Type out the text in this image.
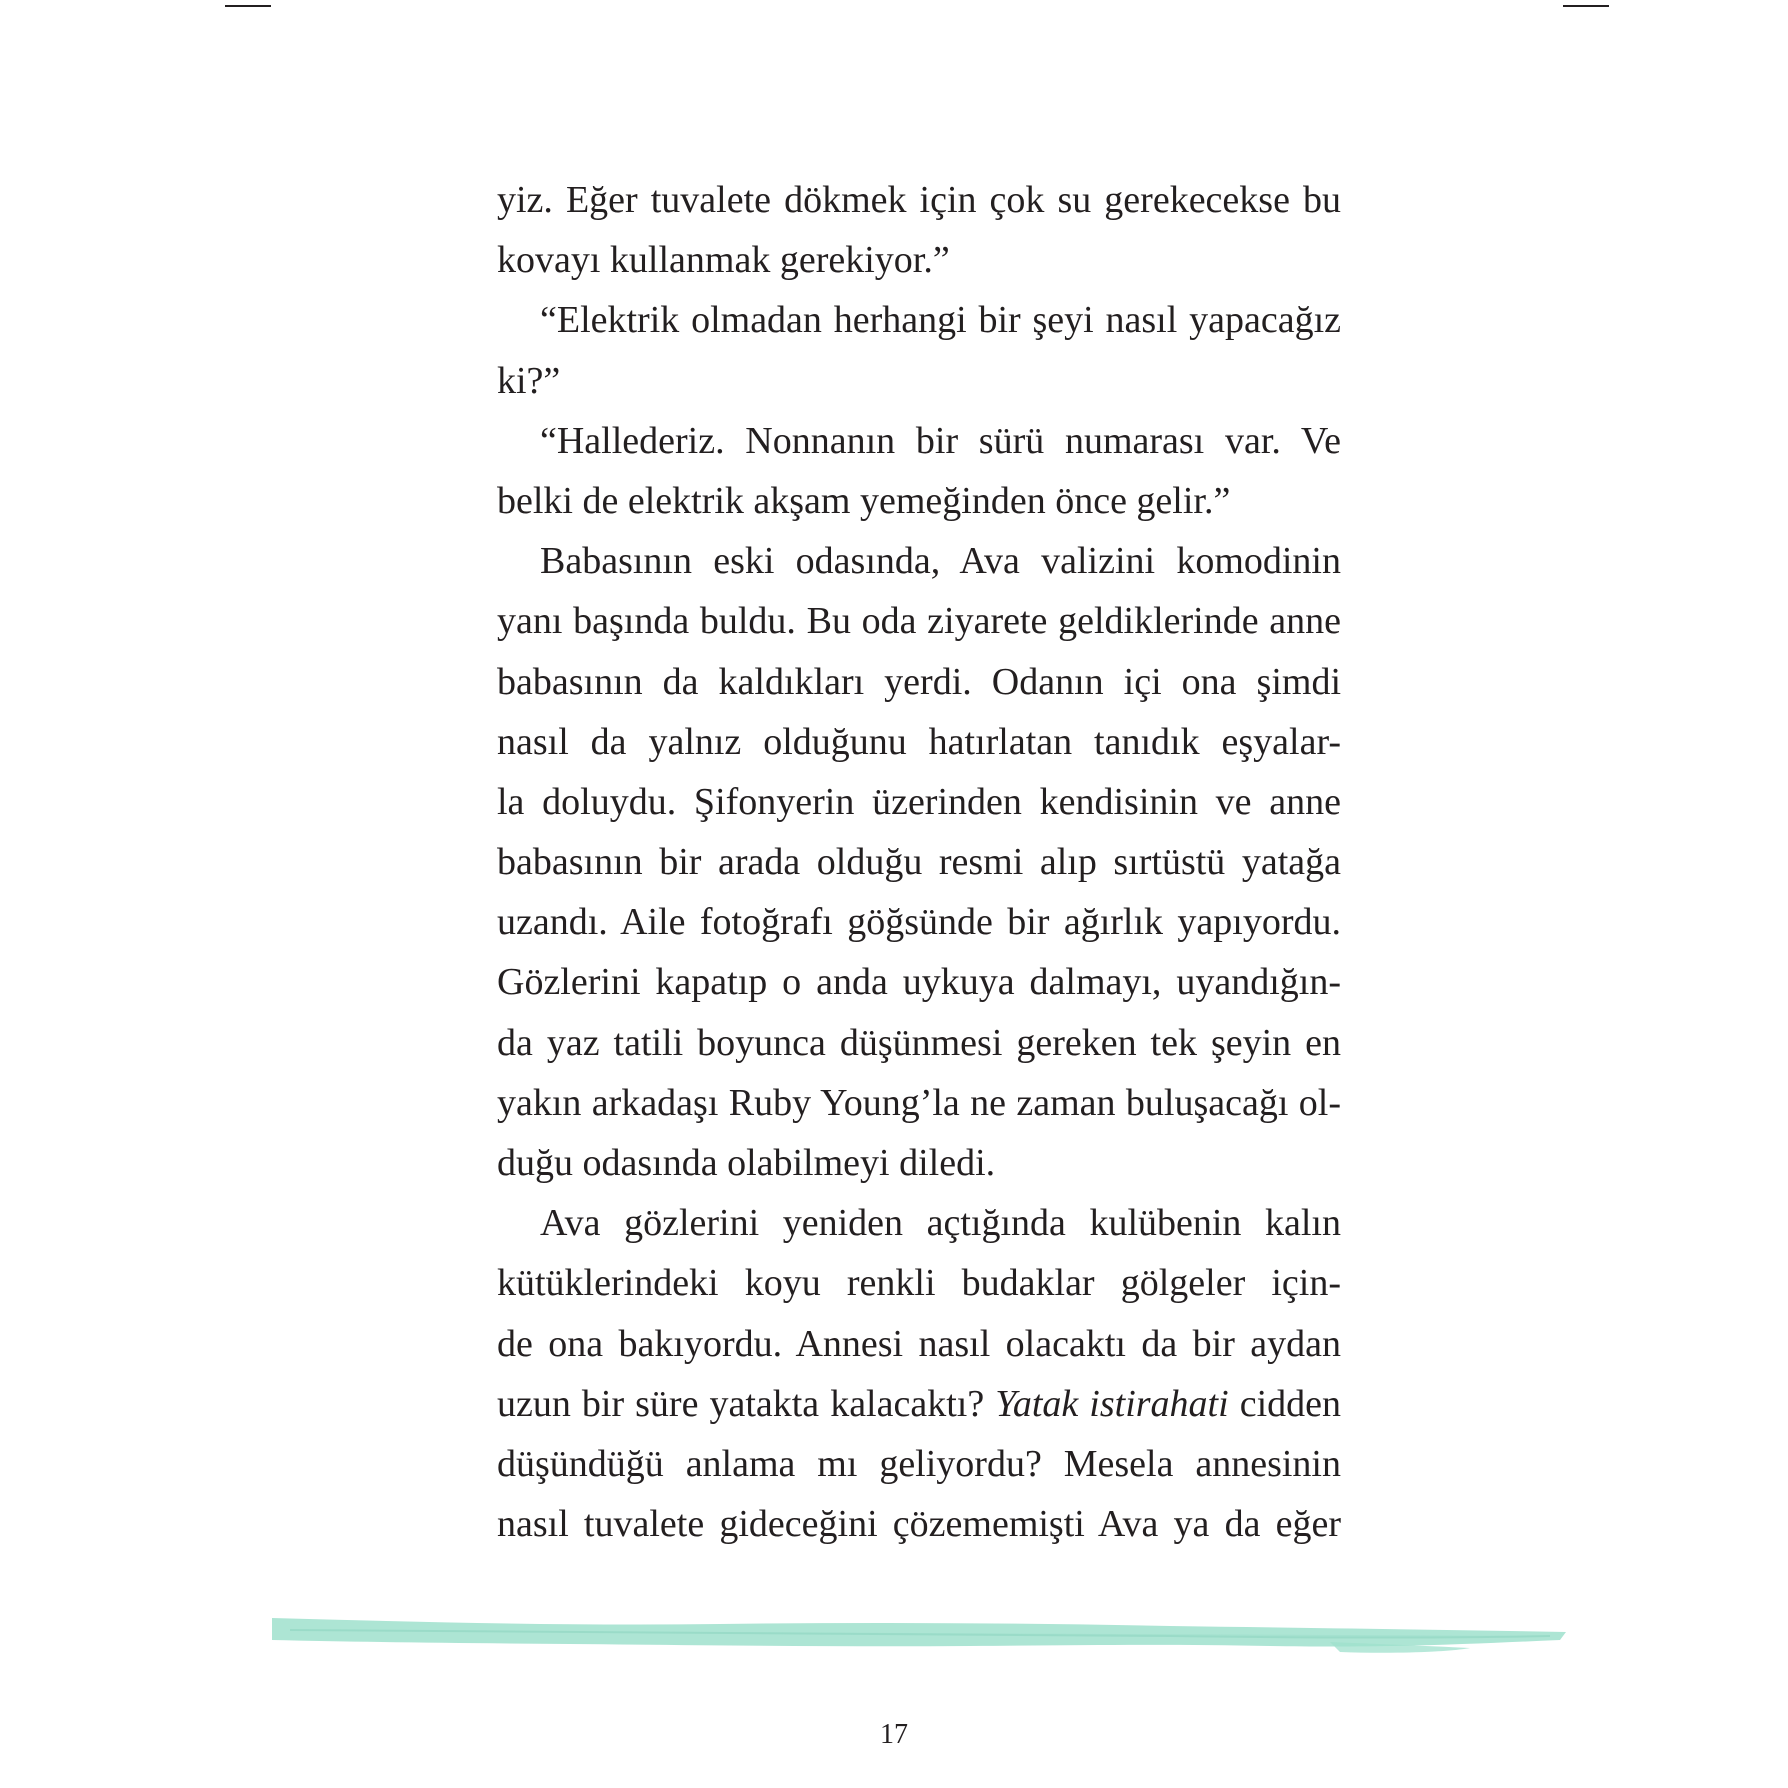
yiz. Eğer tuvalete dökmek için çok su gerekecekse bu
kovayı kullanmak gerekiyor.”
“Elektrik olmadan herhangi bir şeyi nasıl yapacağız
ki?”
“Hallederiz. Nonnanın bir sürü numarası var. Ve
belki de elektrik akşam yemeğinden önce gelir.”
Babasının eski odasında, Ava valizini komodinin
yanı başında buldu. Bu oda ziyarete geldiklerinde anne
babasının da kaldıkları yerdi. Odanın içi ona şimdi
nasıl da yalnız olduğunu hatırlatan tanıdık eşyalar-
la doluydu. Şifonyerin üzerinden kendisinin ve anne
babasının bir arada olduğu resmi alıp sırtüstü yatağa
uzandı. Aile fotoğrafı göğsünde bir ağırlık yapıyordu.
Gözlerini kapatıp o anda uykuya dalmayı, uyandığın-
da yaz tatili boyunca düşünmesi gereken tek şeyin en
yakın arkadaşı Ruby Young’la ne zaman buluşacağı ol-
duğu odasında olabilmeyi diledi.
Ava gözlerini yeniden açtığında kulübenin kalın
kütüklerindeki koyu renkli budaklar gölgeler için-
de ona bakıyordu. Annesi nasıl olacaktı da bir aydan
uzun bir süre yatakta kalacaktı? Yatak istirahati cidden
düşündüğü anlama mı geliyordu? Mesela annesinin
nasıl tuvalete gideceğini çözememişti Ava ya da eğer
17
